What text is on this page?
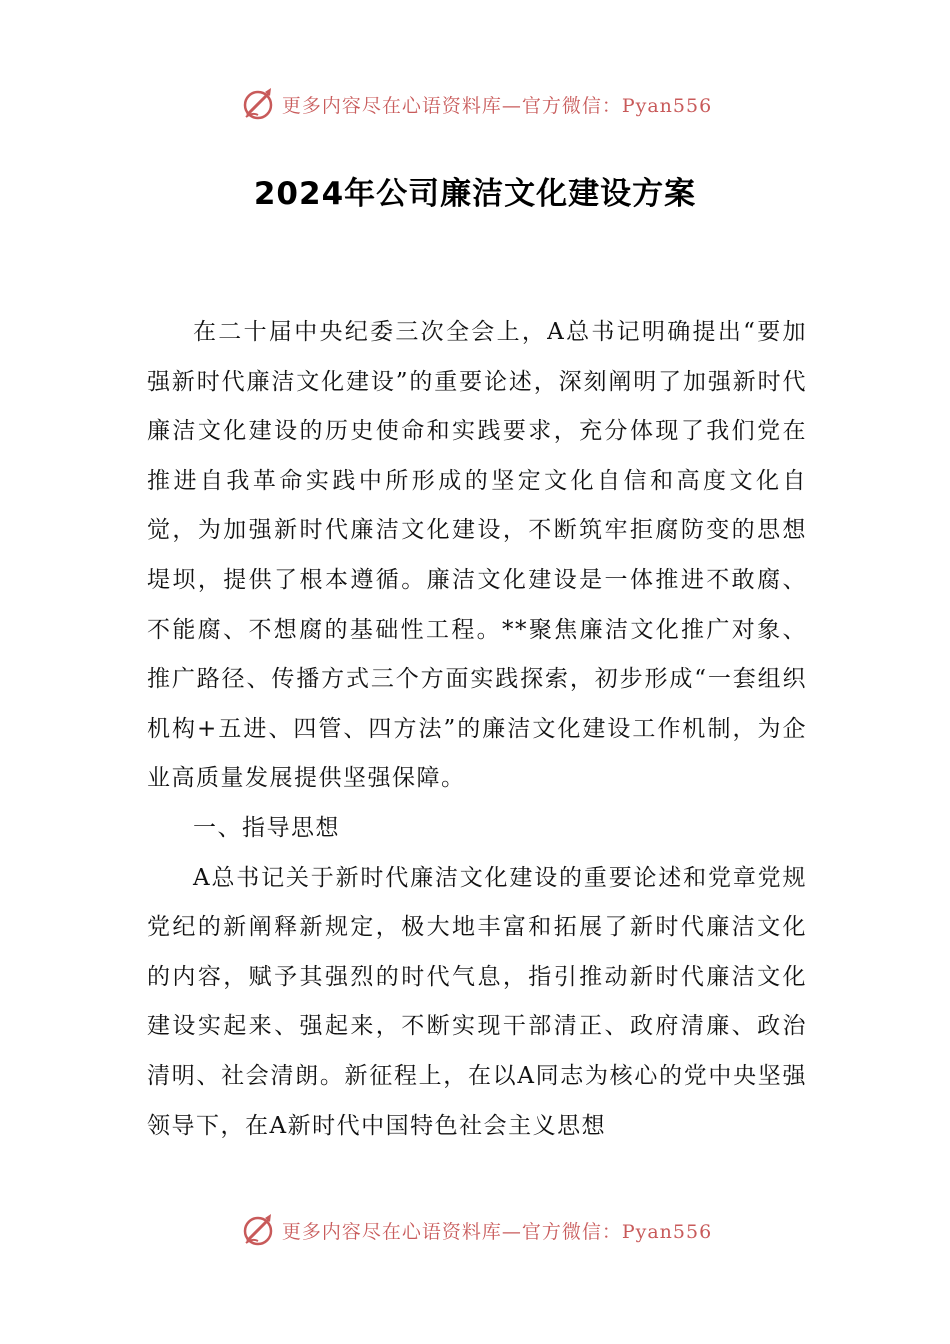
更多内容尽在心语资料库—官方微信：Pyan556
2024年公司廉洁文化建设方案

在二十届中央纪委三次全会上，A总书记明确提出“要加强新时代廉洁文化建设”的重要论述，深刻阐明了加强新时代廉洁文化建设的历史使命和实践要求，充分体现了我们党在推进自我革命实践中所形成的坚定文化自信和高度文化自觉，为加强新时代廉洁文化建设，不断筑牢拒腐防变的思想堤坝，提供了根本遵循。廉洁文化建设是一体推进不敢腐、不能腐、不想腐的基础性工程。**聚焦廉洁文化推广对象、推广路径、传播方式三个方面实践探索，初步形成“一套组织机构+五进、四管、四方法”的廉洁文化建设工作机制，为企业高质量发展提供坚强保障。

一、指导思想

A总书记关于新时代廉洁文化建设的重要论述和党章党规党纪的新阐释新规定，极大地丰富和拓展了新时代廉洁文化的内容，赋予其强烈的时代气息，指引推动新时代廉洁文化建设实起来、强起来，不断实现干部清正、政府清廉、政治清明、社会清朗。新征程上，在以A同志为核心的党中央坚强领导下，在A新时代中国特色社会主义思想

更多内容尽在心语资料库—官方微信：Pyan556
